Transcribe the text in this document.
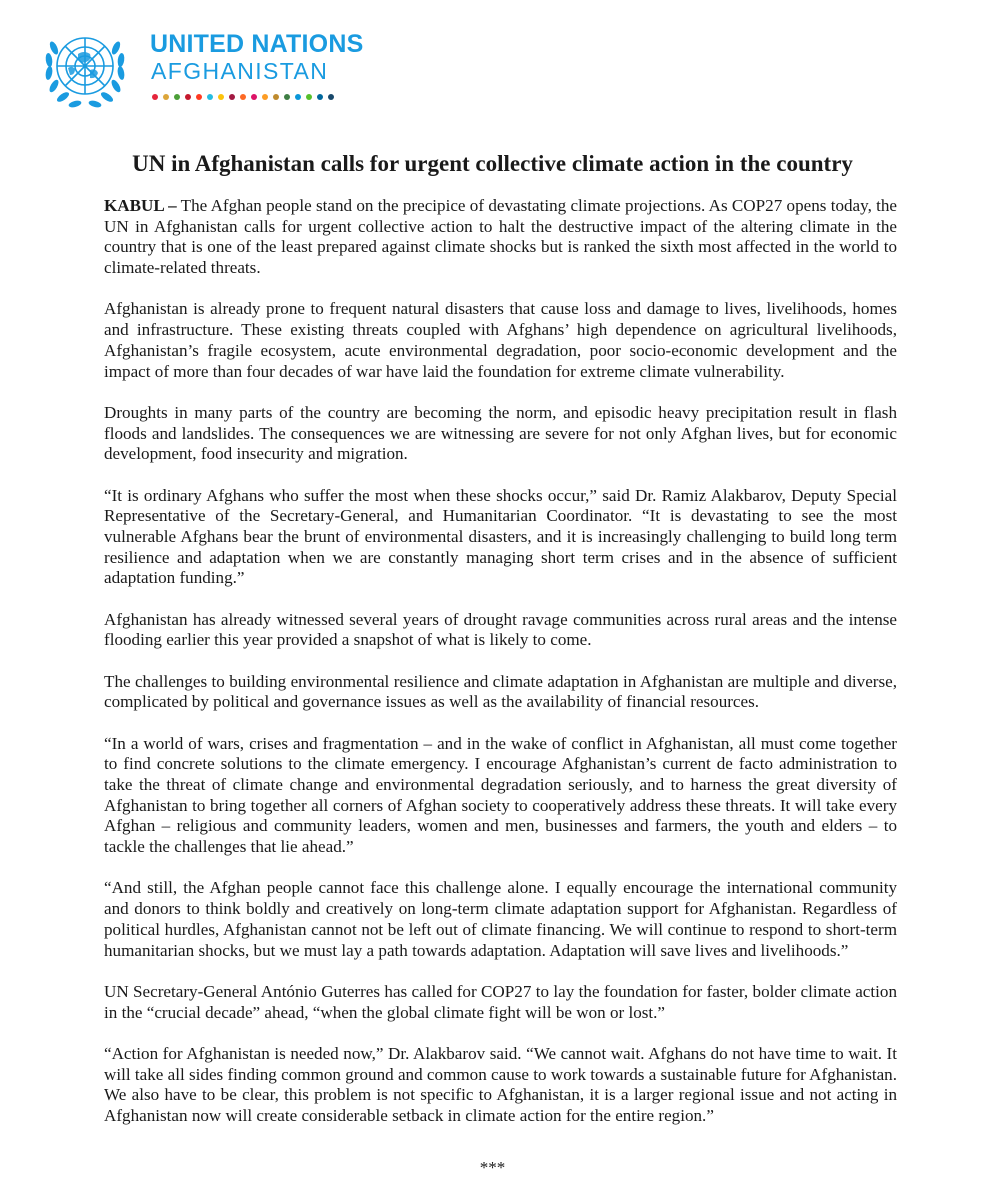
UNITED NATIONS
AFGHANISTAN
UN in Afghanistan calls for urgent collective climate action in the country

KABUL – The Afghan people stand on the precipice of devastating climate projections. As COP27 opens today, the UN in Afghanistan calls for urgent collective action to halt the destructive impact of the altering climate in the country that is one of the least prepared against climate shocks but is ranked the sixth most affected in the world to climate-related threats.

Afghanistan is already prone to frequent natural disasters that cause loss and damage to lives, livelihoods, homes and infrastructure. These existing threats coupled with Afghans’ high dependence on agricultural livelihoods, Afghanistan’s fragile ecosystem, acute environmental degradation, poor socio-economic development and the impact of more than four decades of war have laid the foundation for extreme climate vulnerability.

Droughts in many parts of the country are becoming the norm, and episodic heavy precipitation result in flash floods and landslides. The consequences we are witnessing are severe for not only Afghan lives, but for economic development, food insecurity and migration.

“It is ordinary Afghans who suffer the most when these shocks occur,” said Dr. Ramiz Alakbarov, Deputy Special Representative of the Secretary-General, and Humanitarian Coordinator. “It is devastating to see the most vulnerable Afghans bear the brunt of environmental disasters, and it is increasingly challenging to build long term resilience and adaptation when we are constantly managing short term crises and in the absence of sufficient adaptation funding.”

Afghanistan has already witnessed several years of drought ravage communities across rural areas and the intense flooding earlier this year provided a snapshot of what is likely to come.

The challenges to building environmental resilience and climate adaptation in Afghanistan are multiple and diverse, complicated by political and governance issues as well as the availability of financial resources.

“In a world of wars, crises and fragmentation – and in the wake of conflict in Afghanistan, all must come together to find concrete solutions to the climate emergency. I encourage Afghanistan’s current de facto administration to take the threat of climate change and environmental degradation seriously, and to harness the great diversity of Afghanistan to bring together all corners of Afghan society to cooperatively address these threats. It will take every Afghan – religious and community leaders, women and men, businesses and farmers, the youth and elders – to tackle the challenges that lie ahead.”

“And still, the Afghan people cannot face this challenge alone. I equally encourage the international community and donors to think boldly and creatively on long-term climate adaptation support for Afghanistan. Regardless of political hurdles, Afghanistan cannot not be left out of climate financing. We will continue to respond to short-term humanitarian shocks, but we must lay a path towards adaptation. Adaptation will save lives and livelihoods.”

UN Secretary-General António Guterres has called for COP27 to lay the foundation for faster, bolder climate action in the “crucial decade” ahead, “when the global climate fight will be won or lost.”

“Action for Afghanistan is needed now,” Dr. Alakbarov said. “We cannot wait. Afghans do not have time to wait. It will take all sides finding common ground and common cause to work towards a sustainable future for Afghanistan. We also have to be clear, this problem is not specific to Afghanistan, it is a larger regional issue and not acting in Afghanistan now will create considerable setback in climate action for the entire region.”

***
